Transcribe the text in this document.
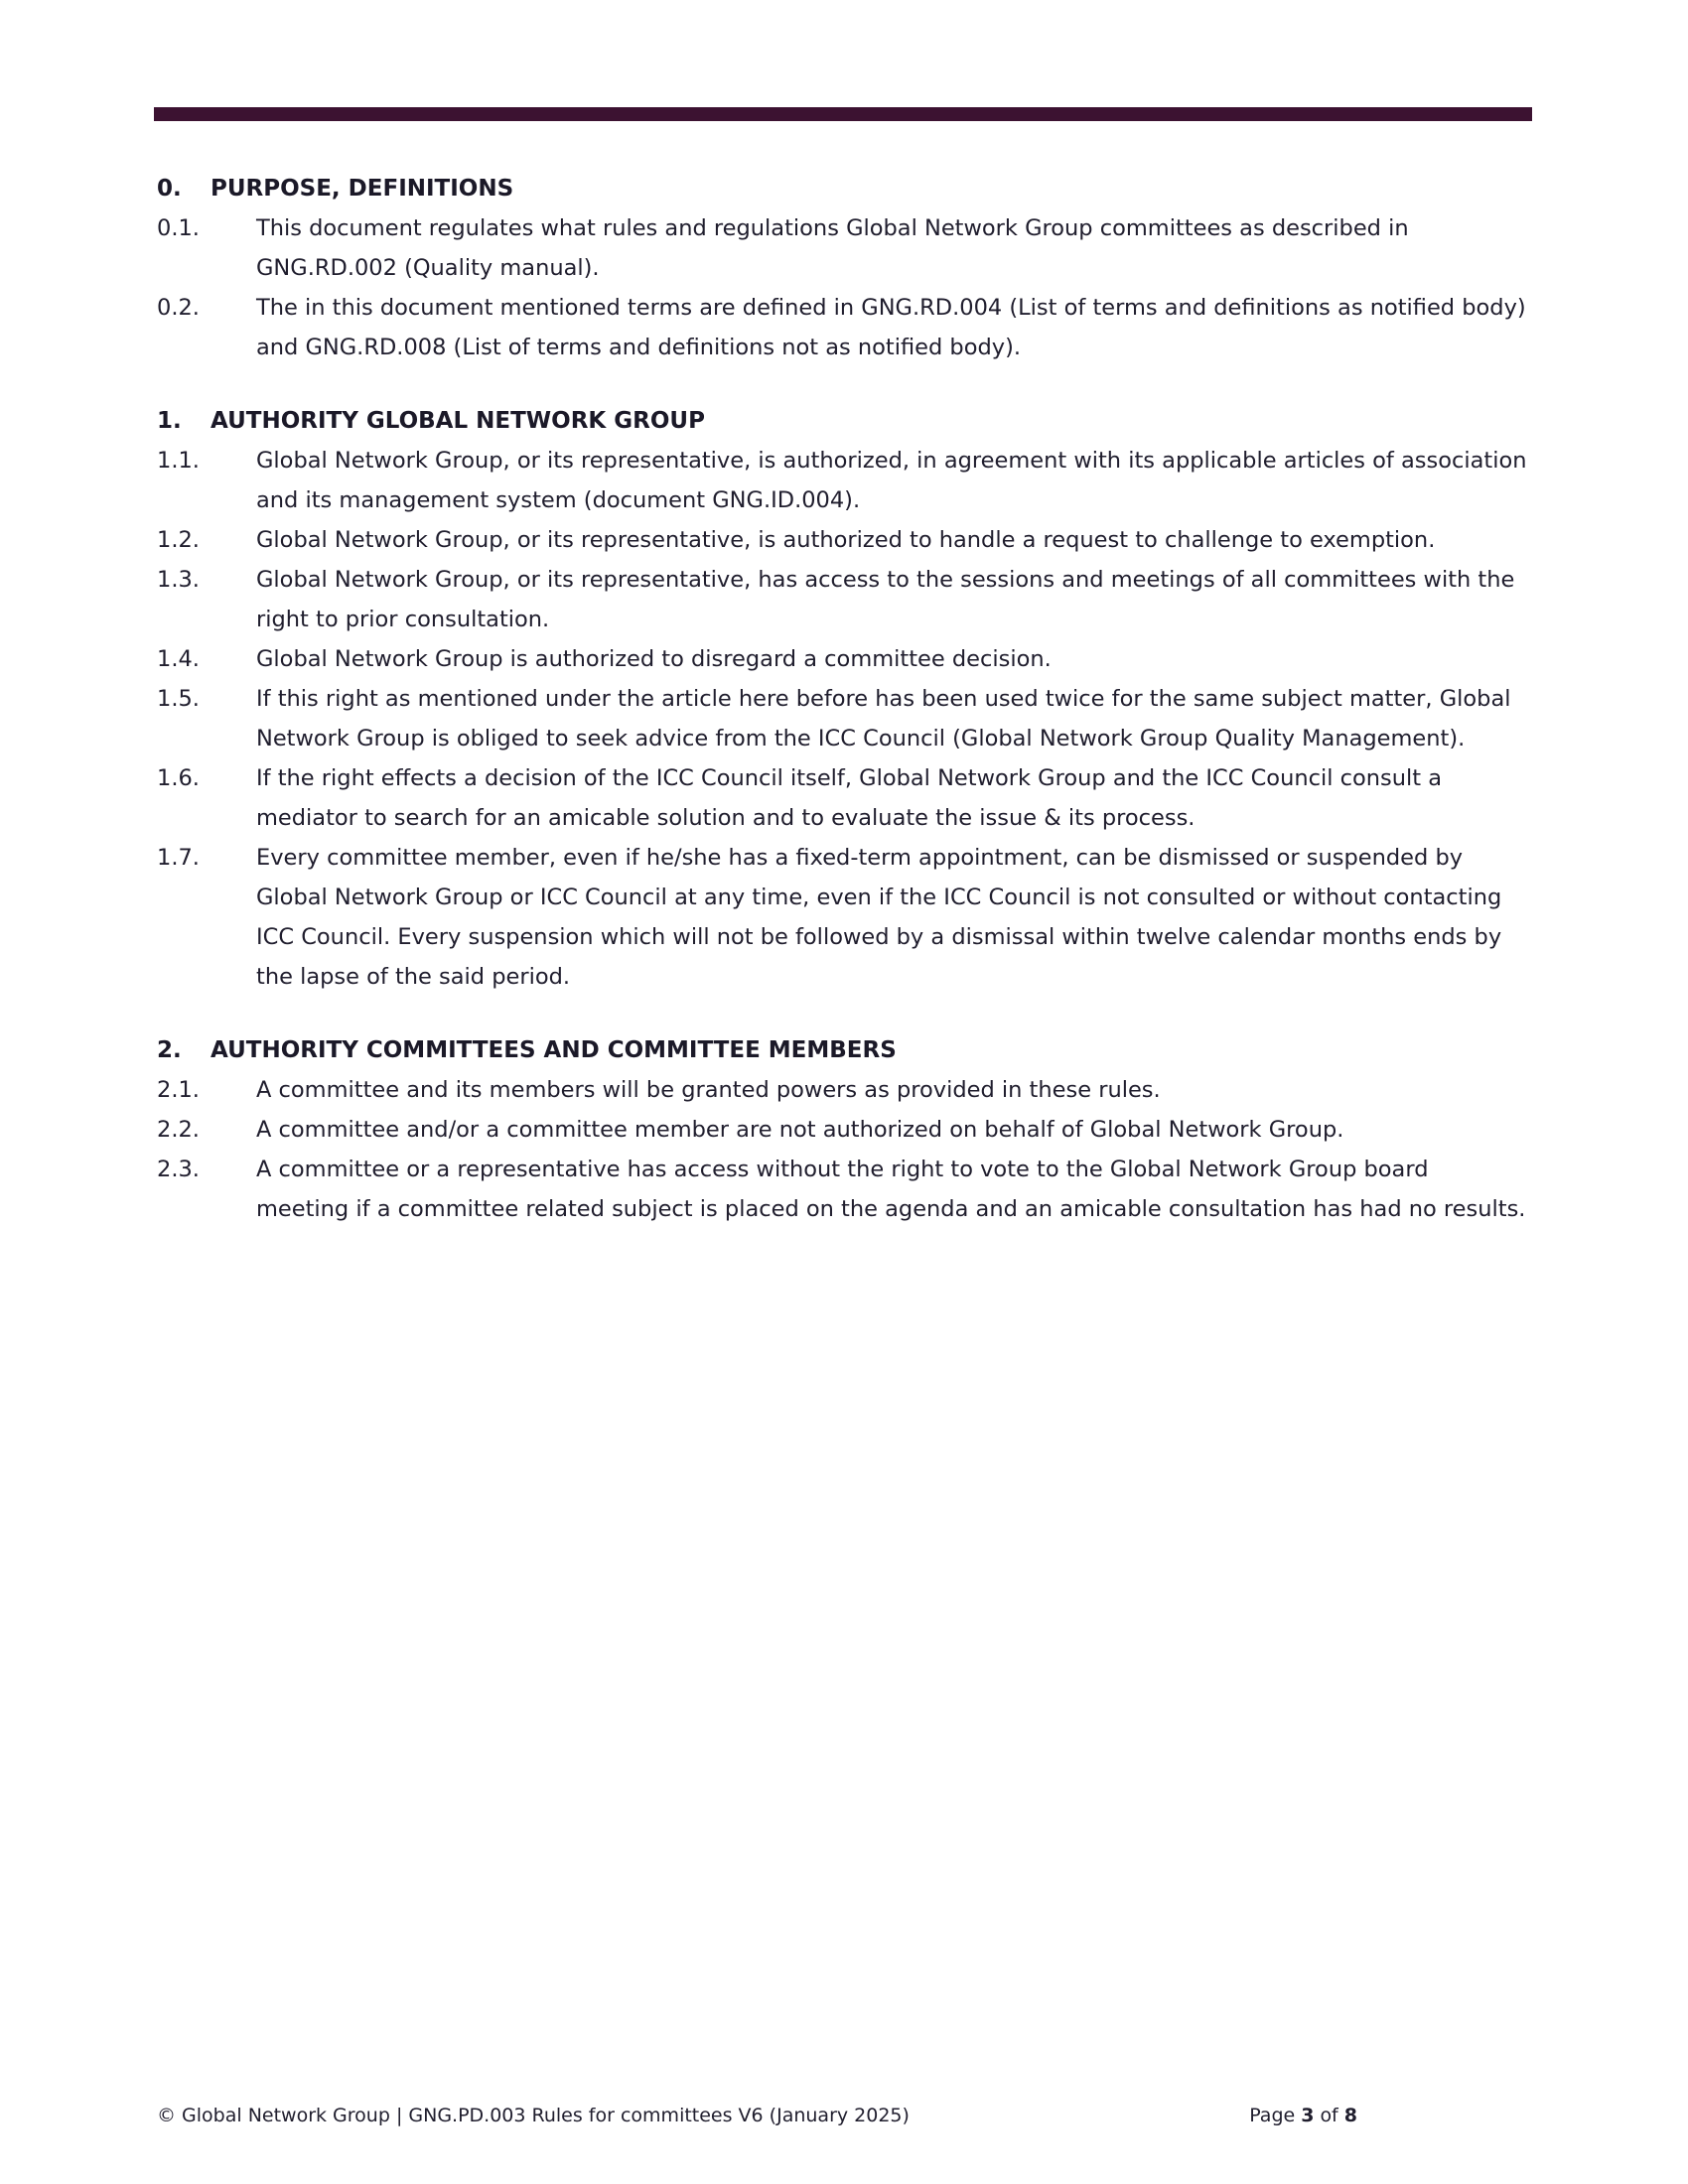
0.	PURPOSE, DEFINITIONS
0.1.	This document regulates what rules and regulations Global Network Group committees as described in GNG.RD.002 (Quality manual).
0.2.	The in this document mentioned terms are defined in GNG.RD.004 (List of terms and definitions as notified body) and GNG.RD.008 (List of terms and definitions not as notified body).
1.	AUTHORITY GLOBAL NETWORK GROUP
1.1.	Global Network Group, or its representative, is authorized, in agreement with its applicable articles of association and its management system (document GNG.ID.004).
1.2.	Global Network Group, or its representative, is authorized to handle a request to challenge to exemption.
1.3.	Global Network Group, or its representative, has access to the sessions and meetings of all committees with the right to prior consultation.
1.4.	Global Network Group is authorized to disregard a committee decision.
1.5.	If this right as mentioned under the article here before has been used twice for the same subject matter, Global Network Group is obliged to seek advice from the ICC Council (Global Network Group Quality Management).
1.6.	If the right effects a decision of the ICC Council itself, Global Network Group and the ICC Council consult a mediator to search for an amicable solution and to evaluate the issue & its process.
1.7.	Every committee member, even if he/she has a fixed-term appointment, can be dismissed or suspended by Global Network Group or ICC Council at any time, even if the ICC Council is not consulted or without contacting ICC Council. Every suspension which will not be followed by a dismissal within twelve calendar months ends by the lapse of the said period.
2.	AUTHORITY COMMITTEES AND COMMITTEE MEMBERS
2.1.	A committee and its members will be granted powers as provided in these rules.
2.2.	A committee and/or a committee member are not authorized on behalf of Global Network Group.
2.3.	A committee or a representative has access without the right to vote to the Global Network Group board meeting if a committee related subject is placed on the agenda and an amicable consultation has had no results.
© Global Network Group | GNG.PD.003 Rules for committees V6 (January 2025)	Page 3 of 8
